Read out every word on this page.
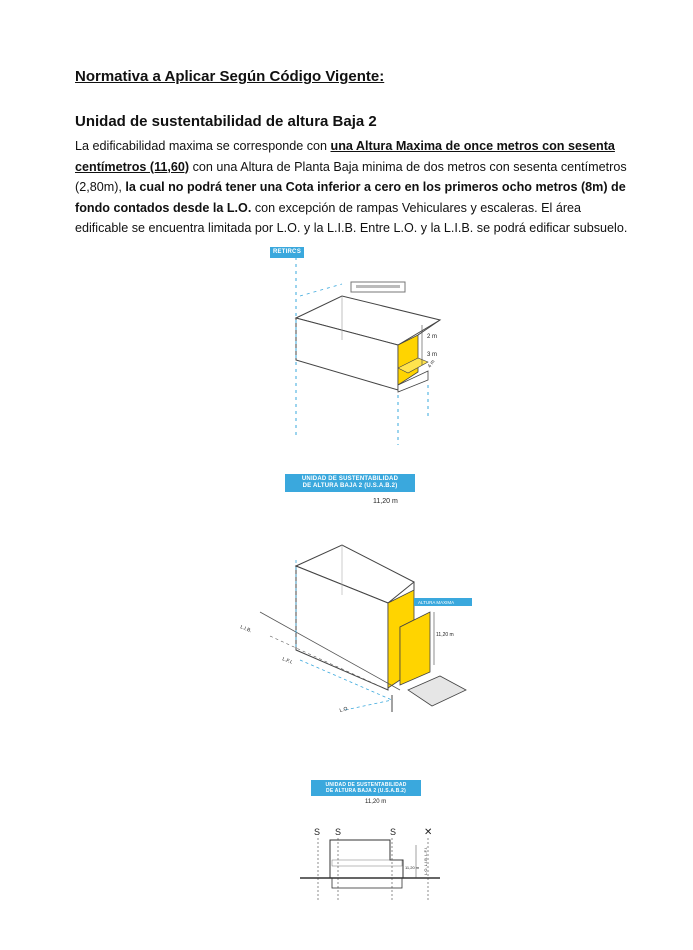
Normativa a Aplicar Según Código Vigente:
Unidad de sustentabilidad de altura Baja 2
La edificabilidad maxima se corresponde con una Altura Maxima de once metros con sesenta centímetros (11,60) con una Altura de Planta Baja minima de dos metros con sesenta centímetros (2,80m), la cual no podrá tener una Cota inferior a cero en los primeros ocho metros (8m) de fondo contados desde la L.O. con excepción de rampas Vehiculares y escaleras. El área edificable se encuentra limitada por L.O. y la L.I.B. Entre L.O. y la L.I.B. se podrá edificar subsuelo.
RETIROS
2 m
3 m
4 m
UNIDAD DE SUSTENTABILIDAD
DE ALTURA BAJA 2 (U.S.A.B.2)
11,20 m
ALTURA MAXIMA
11,20 m
L.I.B.
L.F.I.
L.O.
UNIDAD DE SUSTENTABILIDAD
DE ALTURA BAJA 2 (U.S.A.B.2)
11,20 m
S S	S	✕
11,20 m L.O. L.I.B. L.F.I.
